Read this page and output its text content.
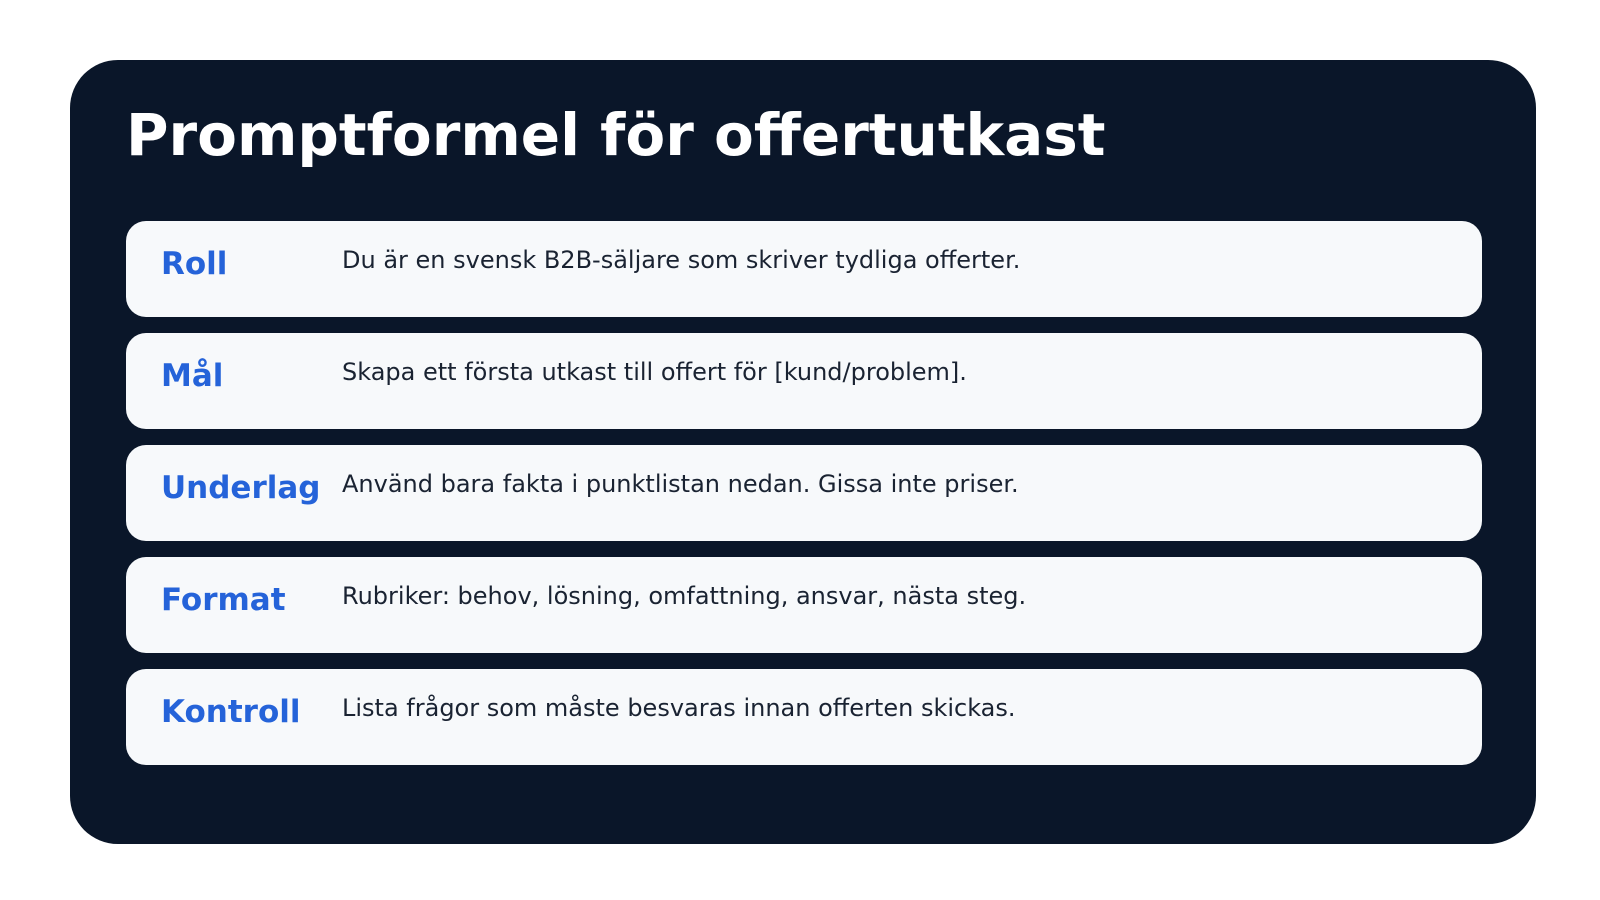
Promptformel för offertutkast
Roll	Du är en svensk B2B-säljare som skriver tydliga offerter.
Mål	Skapa ett första utkast till offert för [kund/problem].
Underlag Använd bara fakta i punktlistan nedan. Gissa inte priser.
Format Rubriker: behov, lösning, omfattning, ansvar, nästa steg.
Kontroll Lista frågor som måste besvaras innan offerten skickas.
